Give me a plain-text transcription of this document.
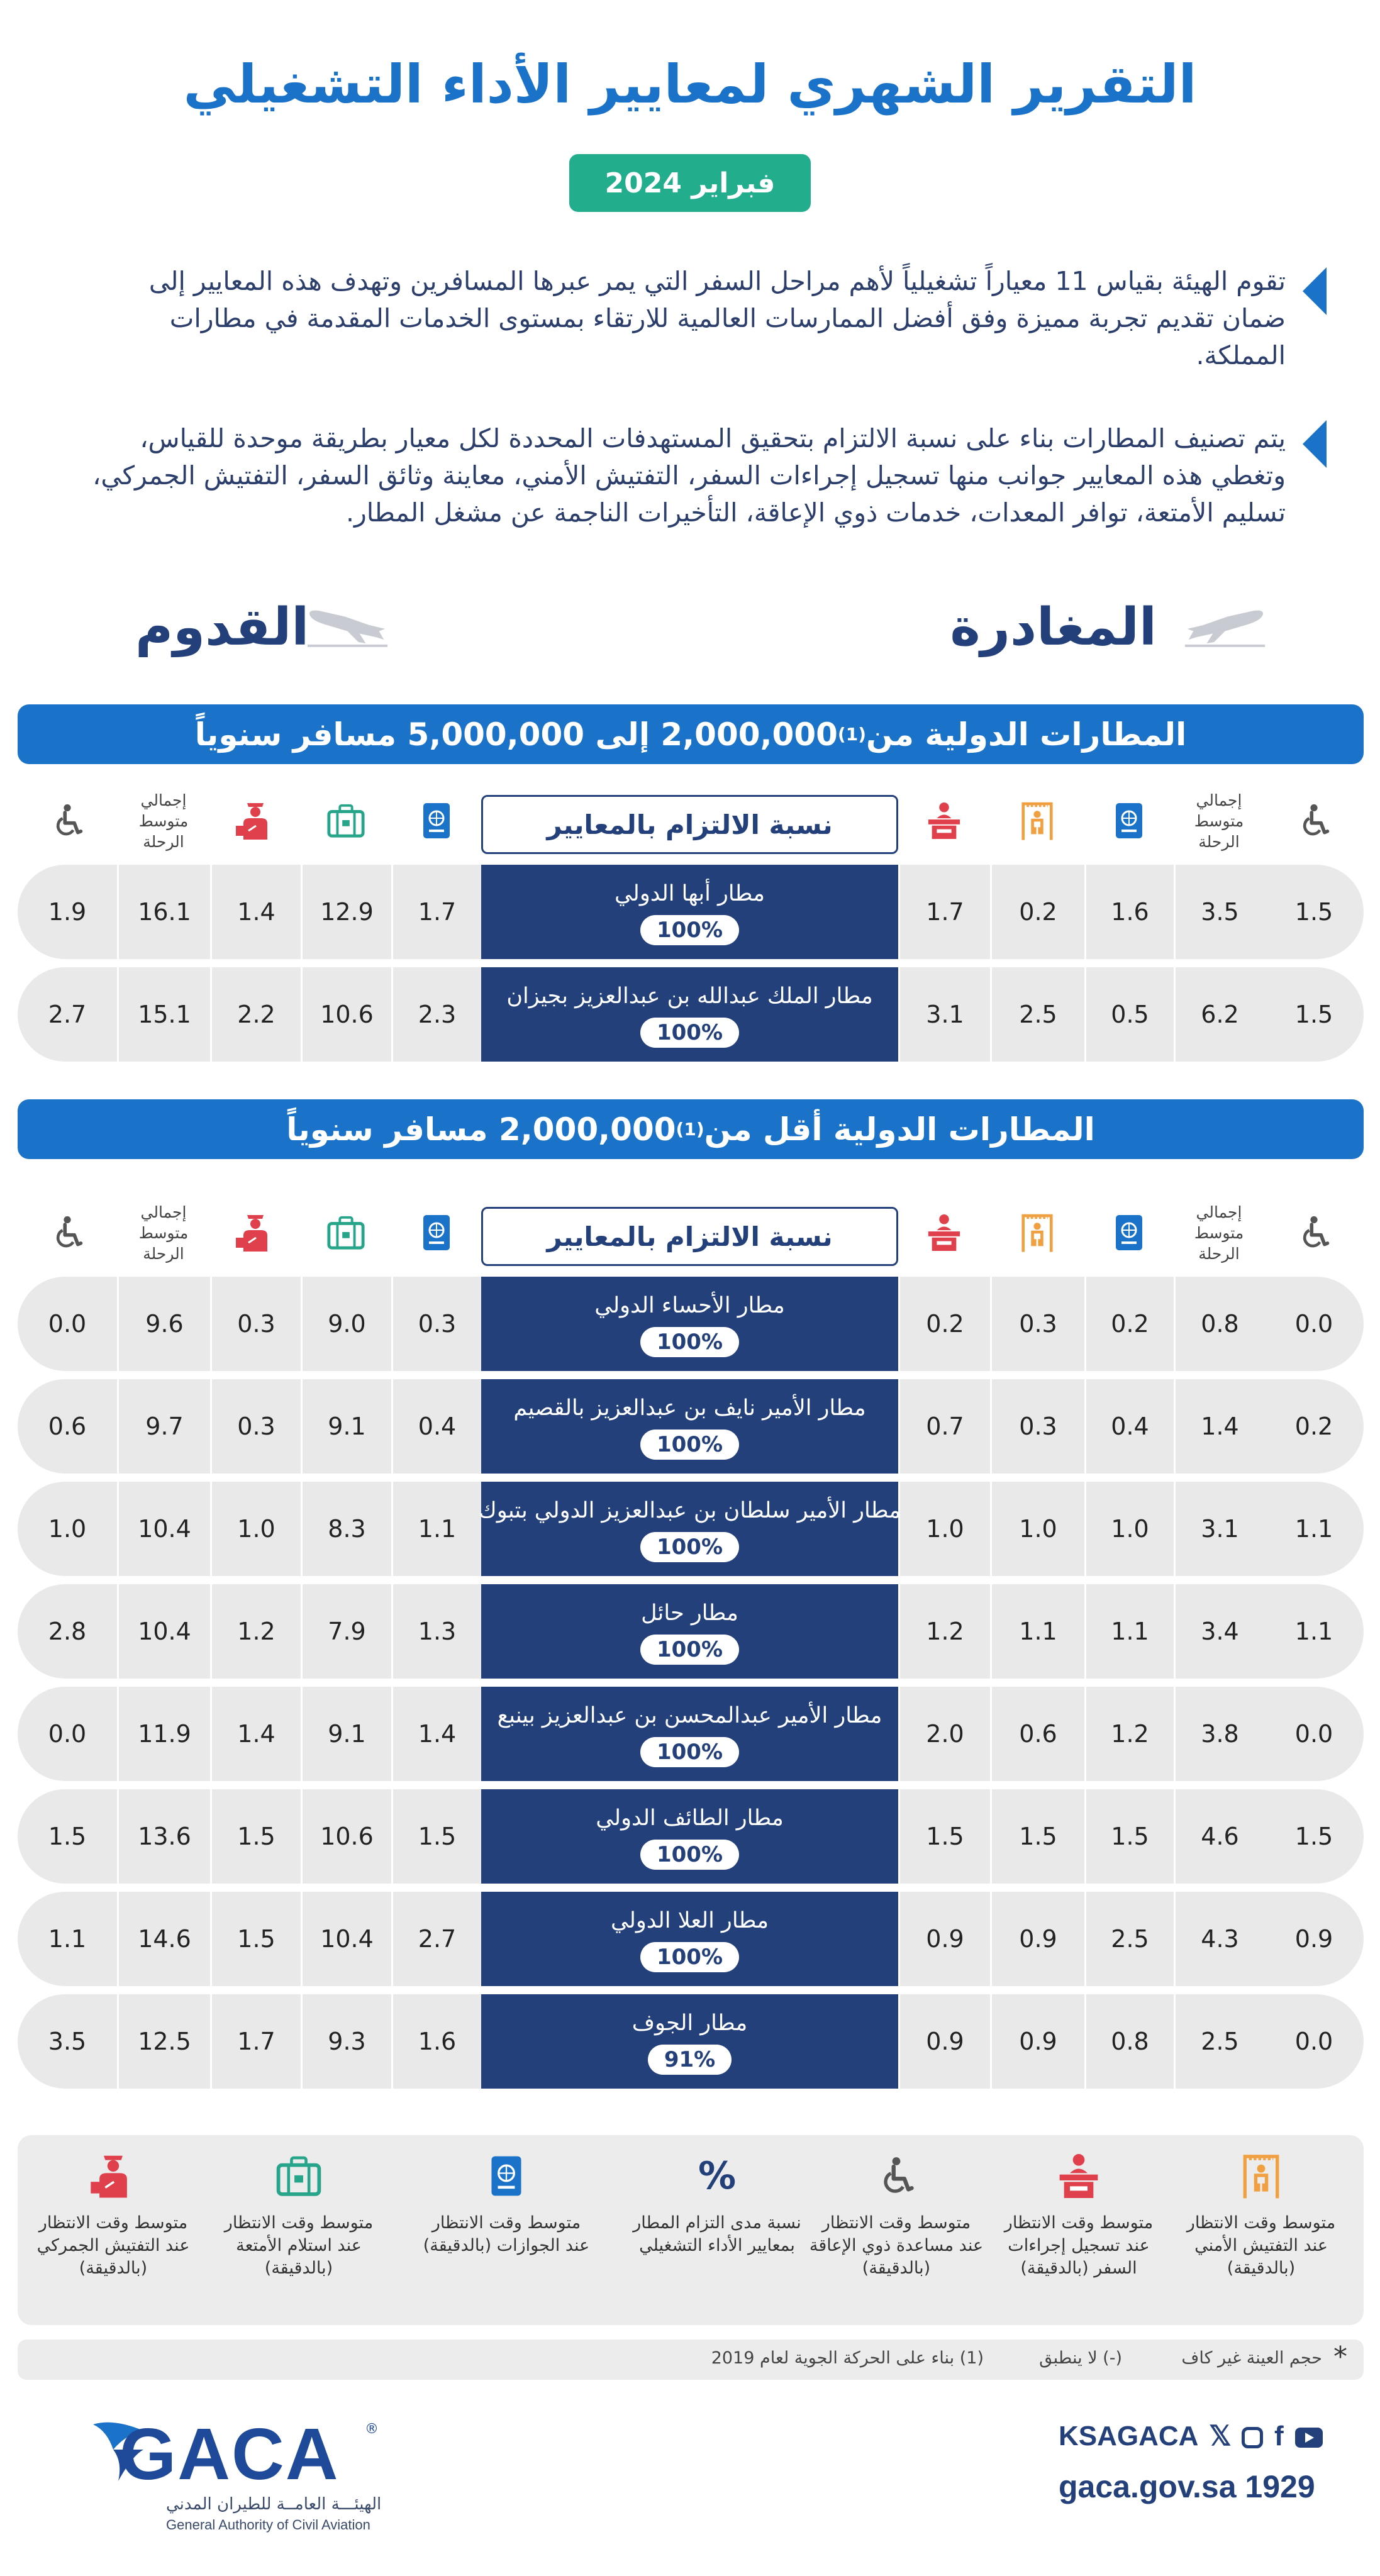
التقرير الشهري لمعايير الأداء التشغيلي
فبراير 2024
تقوم الهيئة بقياس 11 معياراً تشغيلياً لأهم مراحل السفر التي يمر عبرها المسافرين وتهدف هذه المعايير إلى ضمان تقديم تجربة مميزة وفق أفضل الممارسات العالمية للارتقاء بمستوى الخدمات المقدمة في مطارات المملكة.
يتم تصنيف المطارات بناء على نسبة الالتزام بتحقيق المستهدفات المحددة لكل معيار بطريقة موحدة للقياس، وتغطي هذه المعايير جوانب منها تسجيل إجراءات السفر، التفتيش الأمني، معاينة وثائق السفر، التفتيش الجمركي، تسليم الأمتعة، توافر المعدات، خدمات ذوي الإعاقة، التأخيرات الناجمة عن مشغل المطار.
المغادرة
القدوم
المطارات الدولية من
(1)
2,000,000 إلى 5,000,000 مسافر سنوياً
إجمالي
متوسط
الرحلة
إجمالي
متوسط
الرحلة
نسبة الالتزام بالمعايير
1.5
3.5
1.6
0.2
1.7
مطار أبها الدولي
100%
1.7
12.9
1.4
16.1
1.9
1.5
6.2
0.5
2.5
3.1
مطار الملك عبدالله بن عبدالعزيز بجيزان
100%
2.3
10.6
2.2
15.1
2.7
المطارات الدولية أقل من
(1)
2,000,000 مسافر سنوياً
إجمالي
متوسط
الرحلة
إجمالي
متوسط
الرحلة
نسبة الالتزام بالمعايير
0.0
0.8
0.2
0.3
0.2
مطار الأحساء الدولي
100%
0.3
9.0
0.3
9.6
0.0
0.2
1.4
0.4
0.3
0.7
مطار الأمير نايف بن عبدالعزيز بالقصيم
100%
0.4
9.1
0.3
9.7
0.6
1.1
3.1
1.0
1.0
1.0
مطار الأمير سلطان بن عبدالعزيز الدولي بتبوك
100%
1.1
8.3
1.0
10.4
1.0
1.1
3.4
1.1
1.1
1.2
مطار حائل
100%
1.3
7.9
1.2
10.4
2.8
0.0
3.8
1.2
0.6
2.0
مطار الأمير عبدالمحسن بن عبدالعزيز بينبع
100%
1.4
9.1
1.4
11.9
0.0
1.5
4.6
1.5
1.5
1.5
مطار الطائف الدولي
100%
1.5
10.6
1.5
13.6
1.5
0.9
4.3
2.5
0.9
0.9
مطار العلا الدولي
100%
2.7
10.4
1.5
14.6
1.1
0.0
2.5
0.8
0.9
0.9
مطار الجوف
91%
1.6
9.3
1.7
12.5
3.5
متوسط وقت الانتظار عند التفتيش الأمني (بالدقيقة)
متوسط وقت الانتظار عند تسجيل إجراءات السفر (بالدقيقة)
متوسط وقت الانتظار عند مساعدة ذوي الإعاقة (بالدقيقة)
%
نسبة مدى التزام المطار بمعايير الأداء التشغيلي
متوسط وقت الانتظار عند الجوازات (بالدقيقة)
متوسط وقت الانتظار عند استلام الأمتعة (بالدقيقة)
متوسط وقت الانتظار عند التفتيش الجمركي (بالدقيقة)
*
حجم العينة غير كاف
(-) لا ينطبق
(1) بناء على الحركة الجوية لعام 2019
GACA ®
الهيئـــة العامــة للطيران المدني
General Authority of Civil Aviation
KSAGACA 𝕏 f
gaca.gov.sa 1929
